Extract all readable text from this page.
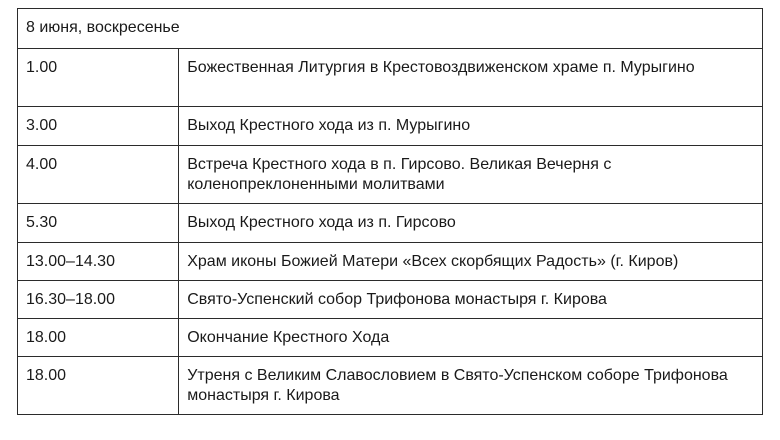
8 июня, воскресенье	
1.00	Божественная Литургия в Крестовоздвиженском храме п. Мурыгино
3.00	Выход Крестного хода из п. Мурыгино
4.00	Встреча Крестного хода в п. Гирсово. Великая Вечерня с коленопреклоненными молитвами
5.30	Выход Крестного хода из п. Гирсово
13.00–14.30	Храм иконы Божией Матери «Всех скорбящих Радость» (г. Киров)
16.30–18.00	Свято-Успенский собор Трифонова монастыря г. Кирова
18.00	Окончание Крестного Хода
18.00	Утреня с Великим Славословием в Свято-Успенском соборе Трифонова монастыря г. Кирова
